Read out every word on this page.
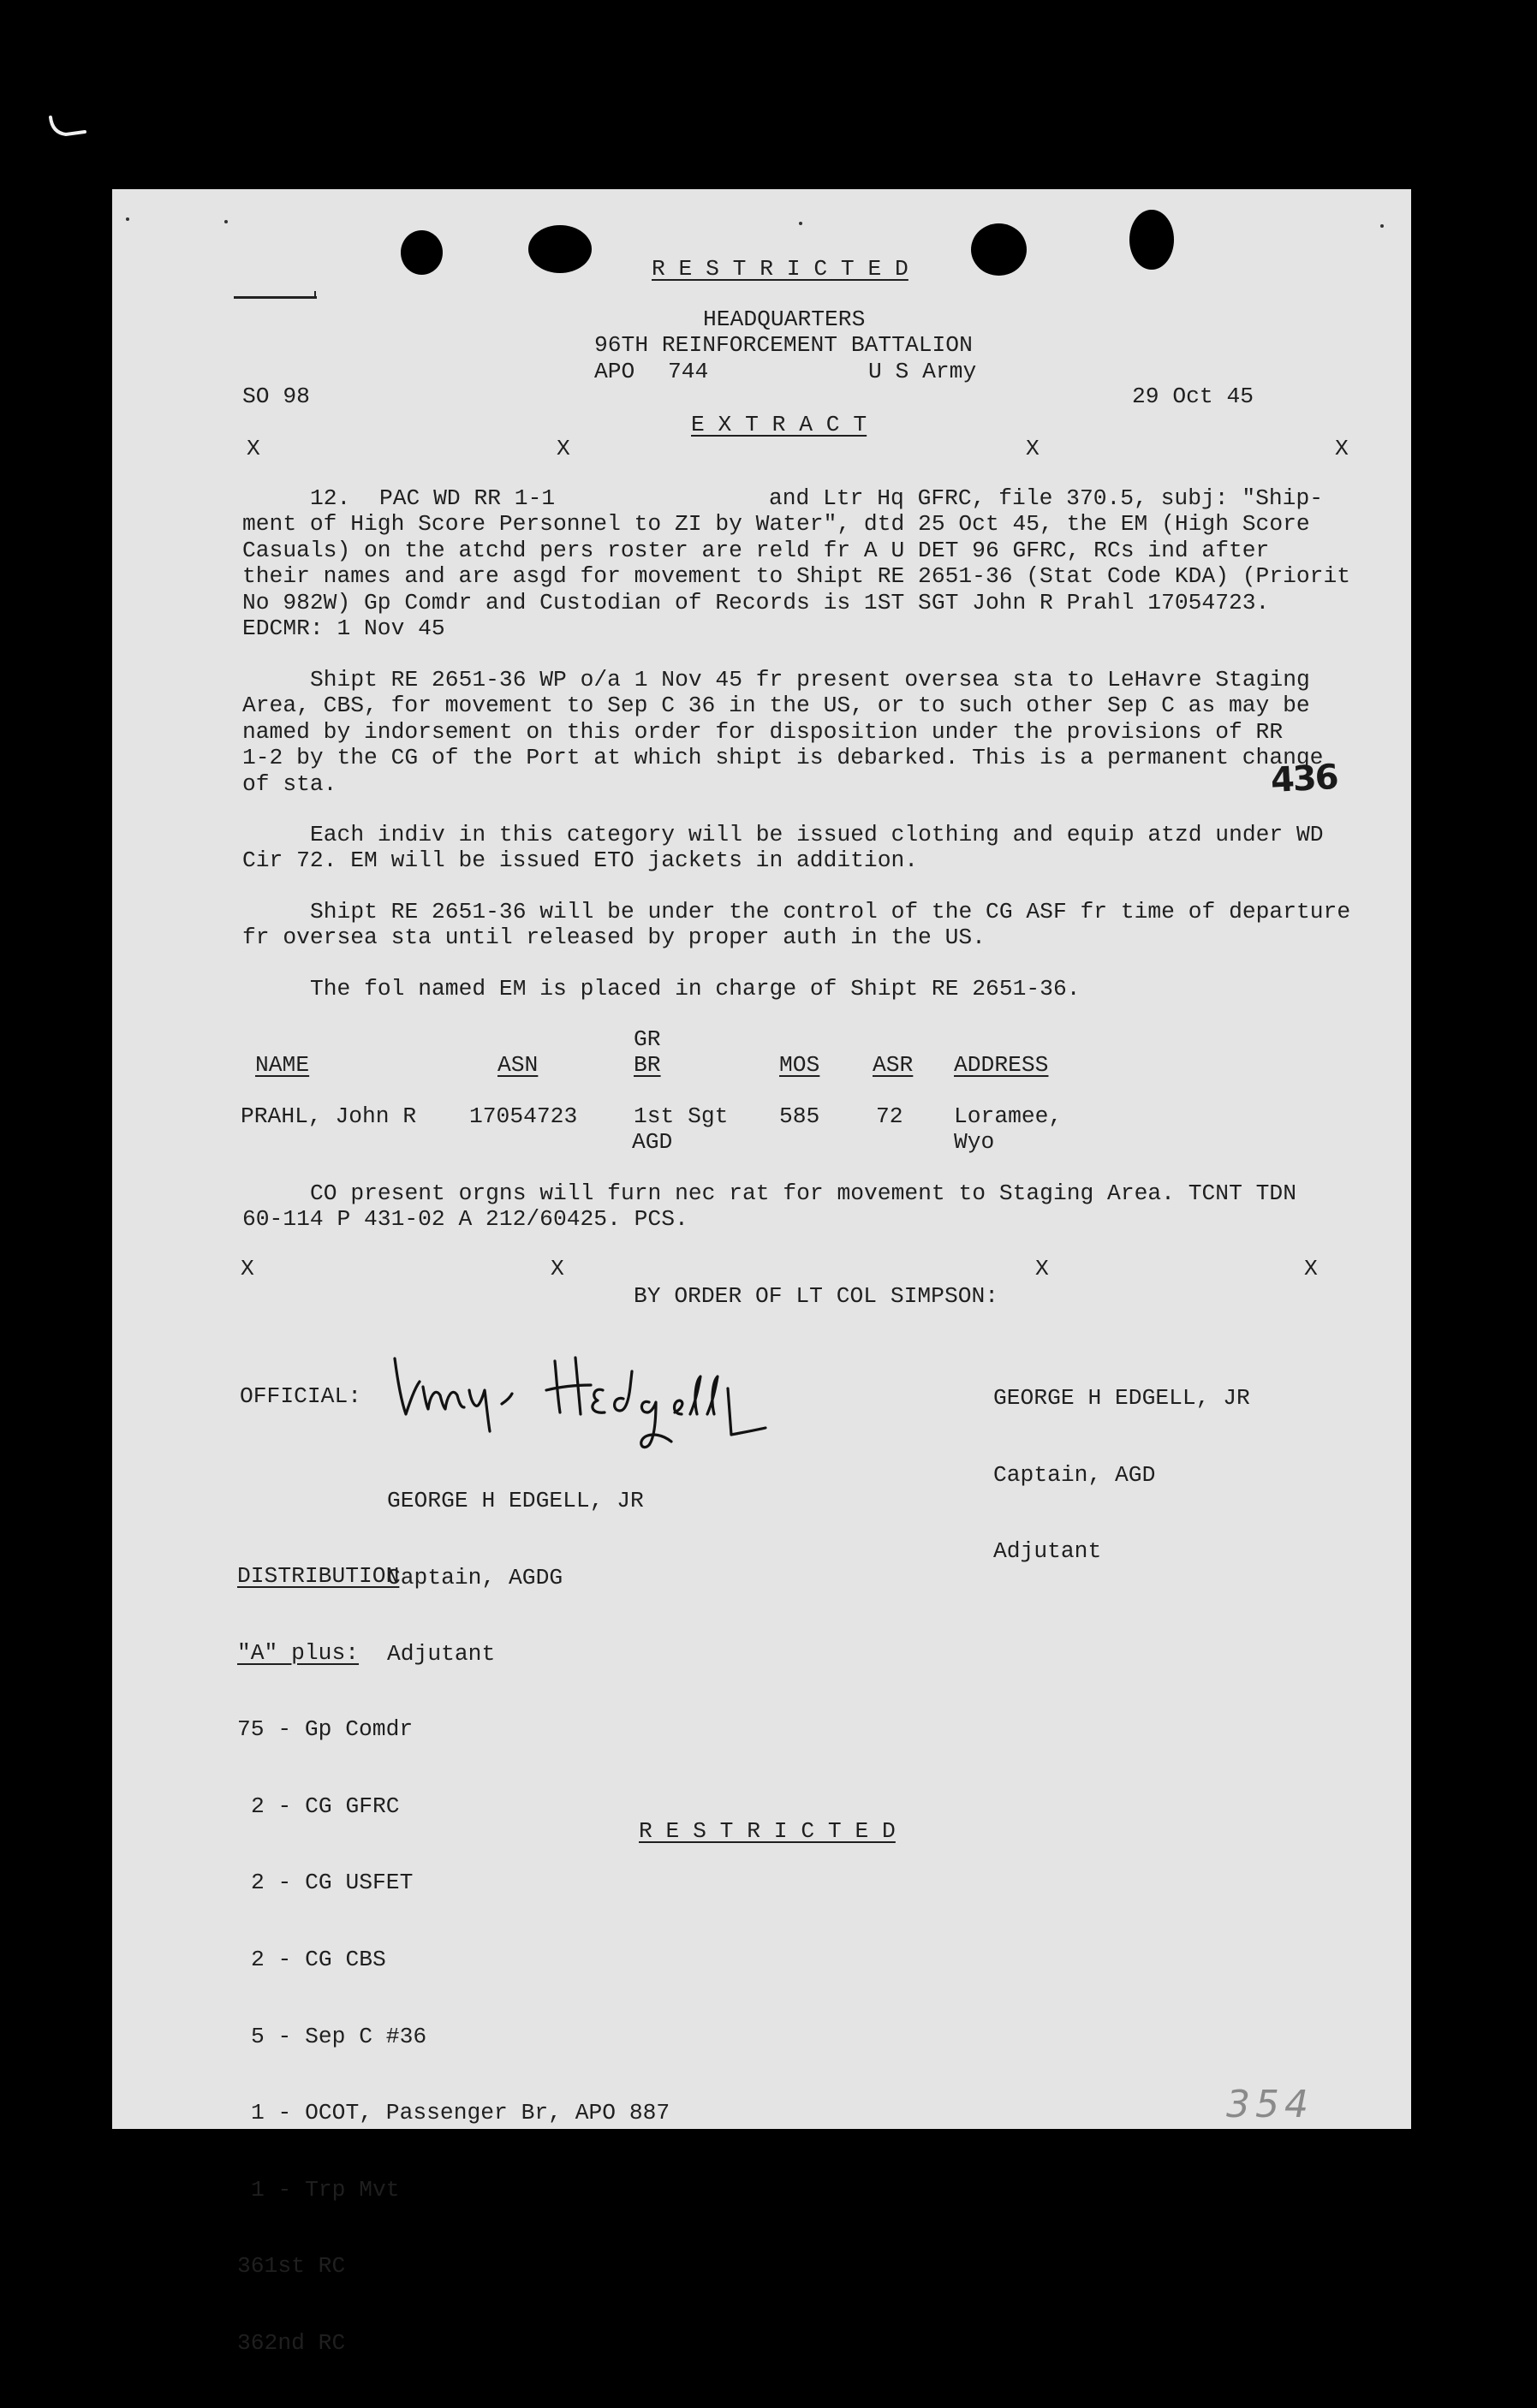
R E S T R I C T E D
HEADQUARTERS
96TH REINFORCEMENT BATTALION
APO 744	U S Army
SO 98	29 Oct 45
E X T R A C T
X	X	X	X

12.

PAC WD RR 1-1

	and Ltr Hq GFRC, file 370.5, subj: "Ship-

ment of High Score Personnel to ZI by Water", dtd 25 Oct 45, the EM (High Score
Casuals) on the atchd pers roster are reld fr A U DET 96 GFRC, RCs ind after
their names and are asgd for movement to Shipt RE 2651-36 (Stat Code KDA) (Priorit
No 982W) Gp Comdr and Custodian of Records is 1ST SGT John R Prahl 17054723.
EDCMR: 1 Nov 45
Shipt RE 2651-36 WP o/a 1 Nov 45 fr present oversea sta to LeHavre Staging
Area, CBS, for movement to Sep C 36 in the US, or to such other Sep C as may be
named by indorsement on this order for disposition under the provisions of RR
1-2 by the CG of the Port at which shipt is debarked. This is a permanent change
of sta.	436
Each indiv in this category will be issued clothing and equip atzd under WD
Cir 72. EM will be issued ETO jackets in addition.
Shipt RE 2651-36 will be under the control of the CG ASF fr time of departure
fr oversea sta until released by proper auth in the US.
The fol named EM is placed in charge of Shipt RE 2651-36.
GR
NAME	ASN	BR	MOS ASR ADDRESS
PRAHL, John R 17054723	1st Sgt 585 72 Loramee,
AGD	Wyo
CO present orgns will furn nec rat for movement to Staging Area. TCNT TDN
60-114 P 431-02 A 212/60425. PCS.
X	X	X	X
BY ORDER OF LT COL SIMPSON:

GEORGE H EDGELL, JR

Captain, AGD

Adjutant

OFFICIAL:

GEORGE H EDGELL, JR

Captain, AGDG

Adjutant

DISTRIBUTION

"A" plus:

75 - Gp Comdr

2 - CG GFRC

2 - CG USFET

2 - CG CBS

5 - Sep C #36

1 - OCOT, Passenger Br, APO 887

1 - Trp Mvt

361st RC

362nd RC

R E S T R I C T E D
354
